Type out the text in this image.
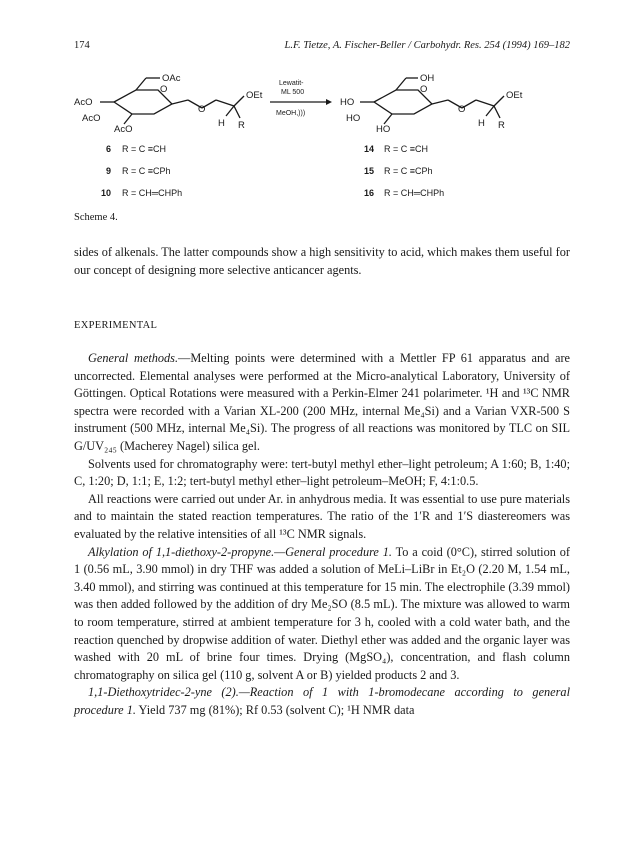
174	L.F. Tietze, A. Fischer-Beller / Carbohydr. Res. 254 (1994) 169–182
OAc
AcO
AcO
AcO
O
O
OEt
H R
Lewatit-
ML 500
MeOH,)))
OH
HO
HO
HO
O
O
OEt
H R
6 R = C ≡CH
9 R = C ≡CPh
10 R = CH═CHPh
14 R = C ≡CH
15 R = C ≡CPh
16 R = CH═CHPh
Scheme 4.

sides of alkenals. The latter compounds show a high sensitivity to acid, which makes them useful for our concept of designing more selective anticancer agents.

EXPERIMENTAL

General methods.—Melting points were determined with a Mettler FP 61 apparatus and are uncorrected. Elemental analyses were performed at the Micro-analytical Laboratory, University of Göttingen. Optical Rotations were measured with a Perkin-Elmer 241 polarimeter. ¹H and ¹³C NMR spectra were recorded with a Varian XL-200 (200 MHz, internal Me₄Si) and a Varian VXR-500 S instrument (500 MHz, internal Me₄Si). The progress of all reactions was monitored by TLC on SIL G/UV₂₄₅ (Macherey Nagel) silica gel.

Solvents used for chromatography were: tert-butyl methyl ether–light petroleum; A 1:60; B, 1:40; C, 1:20; D, 1:1; E, 1:2; tert-butyl methyl ether–light petroleum–MeOH; F, 4:1:0.5.

All reactions were carried out under Ar. in anhydrous media. It was essential to use pure materials and to maintain the stated reaction temperatures. The ratio of the 1′R and 1′S diastereomers was evaluated by the relative intensities of all ¹³C NMR signals.

Alkylation of 1,1-diethoxy-2-propyne.—General procedure 1. To a coid (0°C), stirred solution of 1 (0.56 mL, 3.90 mmol) in dry THF was added a solution of MeLi–LiBr in Et₂O (2.20 M, 1.54 mL, 3.40 mmol), and stirring was continued at this temperature for 15 min. The electrophile (3.39 mmol) was then added followed by the addition of dry Me₂SO (8.5 mL). The mixture was allowed to warm to room temperature, stirred at ambient temperature for 3 h, cooled with a cold water bath, and the reaction quenched by dropwise addition of water. Diethyl ether was added and the organic layer was washed with 20 mL of brine four times. Drying (MgSO₄), concentration, and flash column chromatography on silica gel (110 g, solvent A or B) yielded products 2 and 3.

1,1-Diethoxytridec-2-yne (2).—Reaction of 1 with 1-bromodecane according to general procedure 1. Yield 737 mg (81%); Rf 0.53 (solvent C); ¹H NMR data
